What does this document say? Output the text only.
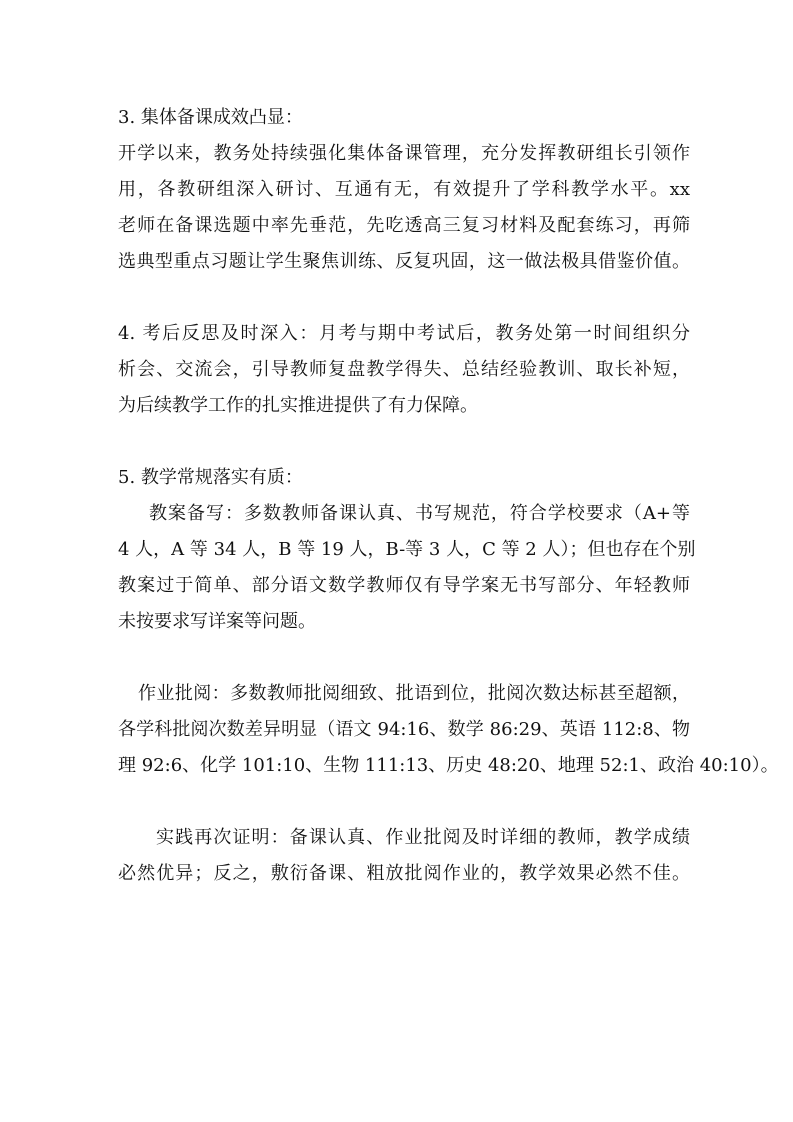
3. 集体备课成效凸显：
开学以来，教务处持续强化集体备课管理，充分发挥教研组长引领作
用，各教研组深入研讨、互通有无，有效提升了学科教学水平。xx
老师在备课选题中率先垂范，先吃透高三复习材料及配套练习，再筛
选典型重点习题让学生聚焦训练、反复巩固，这一做法极具借鉴价值。
4. 考后反思及时深入：月考与期中考试后，教务处第一时间组织分
析会、交流会，引导教师复盘教学得失、总结经验教训、取长补短，
为后续教学工作的扎实推进提供了有力保障。
5. 教学常规落实有质：
教案备写：多数教师备课认真、书写规范，符合学校要求（A+等
4 人，A 等 34 人，B 等 19 人，B-等 3 人，C 等 2 人）；但也存在个别
教案过于简单、部分语文数学教师仅有导学案无书写部分、年轻教师
未按要求写详案等问题。
作业批阅：多数教师批阅细致、批语到位，批阅次数达标甚至超额，
各学科批阅次数差异明显（语文 94:16、数学 86:29、英语 112:8、物
理 92:6、化学 101:10、生物 111:13、历史 48:20、地理 52:1、政治 40:10）。
实践再次证明：备课认真、作业批阅及时详细的教师，教学成绩
必然优异；反之，敷衍备课、粗放批阅作业的，教学效果必然不佳。
